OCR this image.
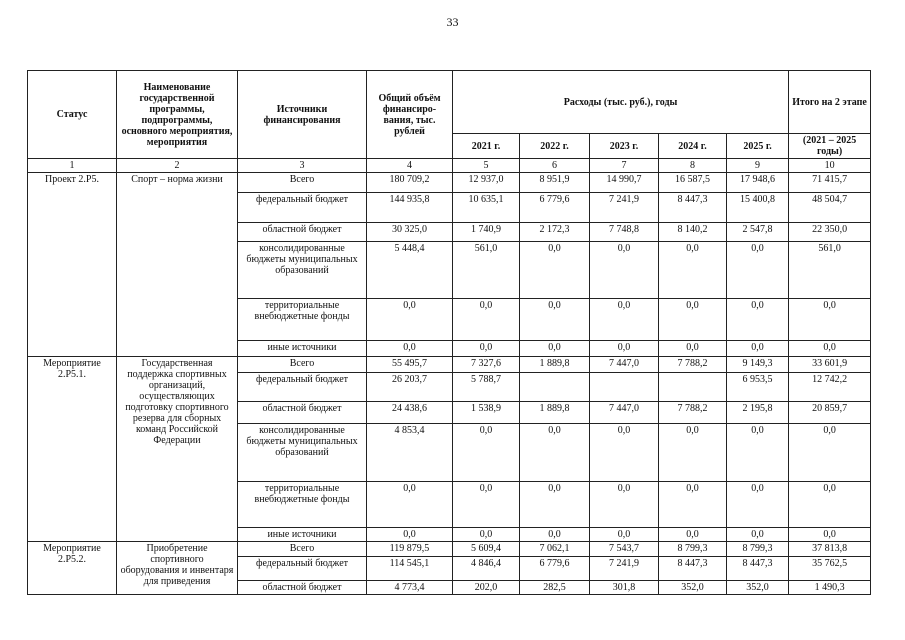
33
Статус	Наименование государственной программы, подпрограммы, основного мероприятия, мероприятия	Источники финансирования	Общий объём финансиро-вания, тыс. рублей	Расходы (тыс. руб.), годы					Итого на 2 этапе
				2021 г.	2022 г.	2023 г.	2024 г.	2025 г.	(2021 – 2025 годы)
1	2	3	4	5	6	7	8	9	10
Проект 2.Р5.	Спорт – норма жизни	Всего	180 709,2	12 937,0	8 951,9	14 990,7	16 587,5	17 948,6	71 415,7
		федеральный бюджет	144 935,8	10 635,1	6 779,6	7 241,9	8 447,3	15 400,8	48 504,7
		областной бюджет	30 325,0	1 740,9	2 172,3	7 748,8	8 140,2	2 547,8	22 350,0
		консолидированные бюджеты муниципальных образований	5 448,4	561,0	0,0	0,0	0,0	0,0	561,0
		территориальные внебюджетные фонды	0,0	0,0	0,0	0,0	0,0	0,0	0,0
		иные источники	0,0	0,0	0,0	0,0	0,0	0,0	0,0
Мероприятие 2.Р5.1.	Государственная поддержка спортивных организаций, осуществляющих подготовку спортивного резерва для сборных команд Российской Федерации	Всего	55 495,7	7 327,6	1 889,8	7 447,0	7 788,2	9 149,3	33 601,9
		федеральный бюджет	26 203,7	5 788,7				6 953,5	12 742,2
		областной бюджет	24 438,6	1 538,9	1 889,8	7 447,0	7 788,2	2 195,8	20 859,7
		консолидированные бюджеты муниципальных образований	4 853,4	0,0	0,0	0,0	0,0	0,0	0,0
		территориальные внебюджетные фонды	0,0	0,0	0,0	0,0	0,0	0,0	0,0
		иные источники	0,0	0,0	0,0	0,0	0,0	0,0	0,0
Мероприятие 2.Р5.2.	Приобретение спортивного оборудования и инвентаря для приведения	Всего	119 879,5	5 609,4	7 062,1	7 543,7	8 799,3	8 799,3	37 813,8
		федеральный бюджет	114 545,1	4 846,4	6 779,6	7 241,9	8 447,3	8 447,3	35 762,5
		областной бюджет	4 773,4	202,0	282,5	301,8	352,0	352,0	1 490,3
